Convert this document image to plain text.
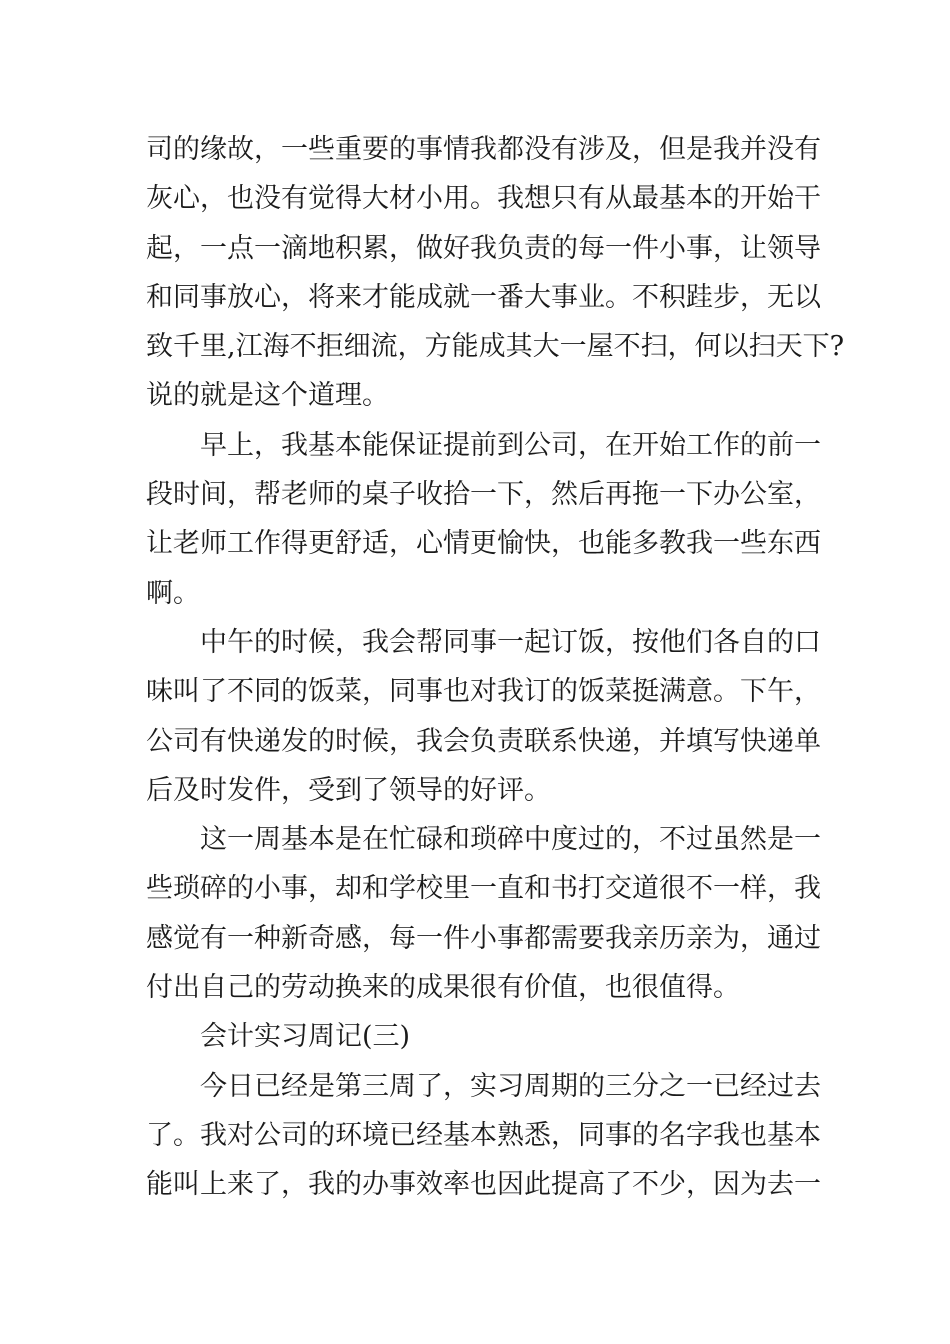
司的缘故，一些重要的事情我都没有涉及，但是我并没有
灰心，也没有觉得大材小用。我想只有从最基本的开始干
起，一点一滴地积累，做好我负责的每一件小事，让领导
和同事放心，将来才能成就一番大事业。不积跬步，无以
致千里,江海不拒细流，方能成其大一屋不扫，何以扫天下?
说的就是这个道理。
早上，我基本能保证提前到公司，在开始工作的前一
段时间，帮老师的桌子收拾一下，然后再拖一下办公室，
让老师工作得更舒适，心情更愉快，也能多教我一些东西
啊。
中午的时候，我会帮同事一起订饭，按他们各自的口
味叫了不同的饭菜，同事也对我订的饭菜挺满意。下午，
公司有快递发的时候，我会负责联系快递，并填写快递单
后及时发件，受到了领导的好评。
这一周基本是在忙碌和琐碎中度过的，不过虽然是一
些琐碎的小事，却和学校里一直和书打交道很不一样，我
感觉有一种新奇感，每一件小事都需要我亲历亲为，通过
付出自己的劳动换来的成果很有价值，也很值得。
会计实习周记(三)
今日已经是第三周了，实习周期的三分之一已经过去
了。我对公司的环境已经基本熟悉，同事的名字我也基本
能叫上来了，我的办事效率也因此提高了不少，因为去一
